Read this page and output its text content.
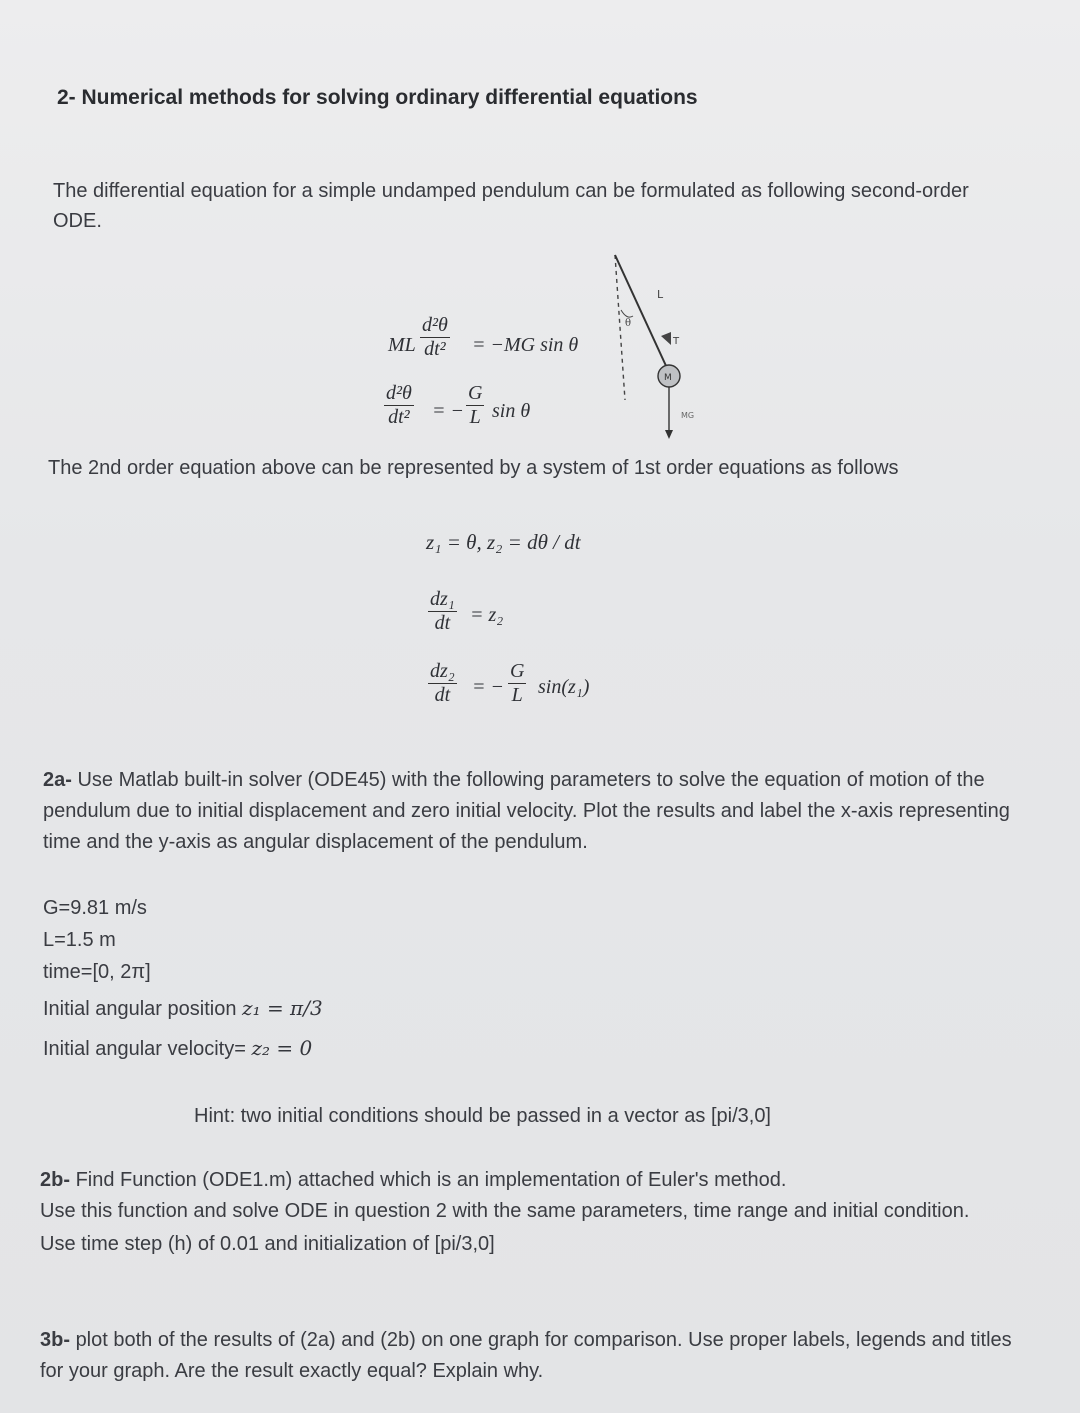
2- Numerical methods for solving ordinary differential equations
The differential equation for a simple undamped pendulum can be formulated as following second-order ODE.
ML $\frac{\text{d²θ}}{\text{dt²}} = -MG$ sin θ
$\frac{\text{d²θ}}{\text{dt²}}$ = − $\frac{G}{L}$ sin θ
L
θ
T
M
MG
The 2nd order equation above can be represented by a system of 1st order equations as follows
z₁ = θ, z₂ = dθ / dt
$\frac{\text{dz₁}}{dt} = z_2$
$\frac{\text{dz₂}}{dt}$ = − $\frac{G}{L} \sin(z_1)$
2a- Use Matlab built-in solver (ODE45) with the following parameters to solve the equation of motion of the pendulum due to initial displacement and zero initial velocity. Plot the results and label the x-axis representing time and the y-axis as angular displacement of the pendulum.
G=9.81 m/s
L=1.5 m
time=[0, 2π]
Initial angular position z₁ = π/3
Initial angular velocity= z₂ = 0
Hint: two initial conditions should be passed in a vector as [pi/3,0]
2b- Find Function (ODE1.m) attached which is an implementation of Euler's method.
Use this function and solve ODE in question 2 with the same parameters, time range and initial condition.
Use time step (h) of 0.01 and initialization of [pi/3,0]
3b- plot both of the results of (2a) and (2b) on one graph for comparison. Use proper labels, legends and titles for your graph. Are the result exactly equal? Explain why.
